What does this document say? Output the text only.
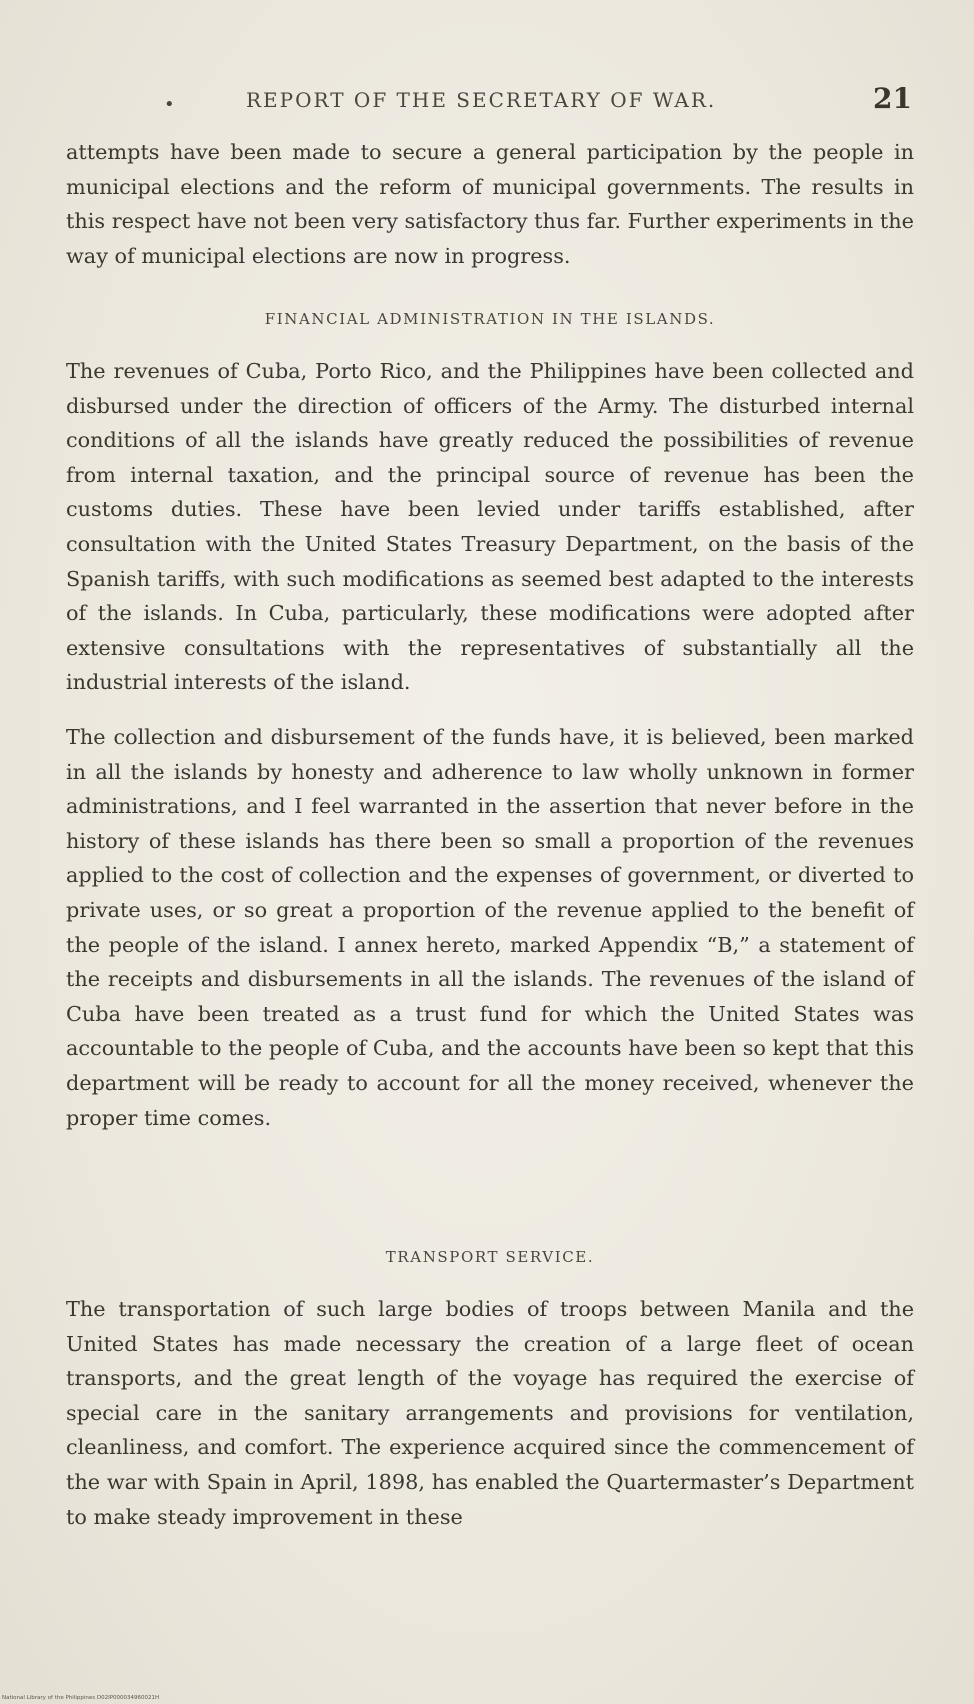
•	REPORT OF THE SECRETARY OF WAR.	21

attempts have been made to secure a general participation by the people in municipal elections and the reform of municipal governments. The results in this respect have not been very satisfactory thus far. Further experiments in the way of municipal elections are now in progress.

FINANCIAL ADMINISTRATION IN THE ISLANDS.

The revenues of Cuba, Porto Rico, and the Philippines have been collected and disbursed under the direction of officers of the Army. The disturbed internal conditions of all the islands have greatly reduced the possibilities of revenue from internal taxation, and the principal source of revenue has been the customs duties. These have been levied under tariffs established, after consultation with the United States Treasury Department, on the basis of the Spanish tariffs, with such modifications as seemed best adapted to the interests of the islands. In Cuba, particularly, these modifications were adopted after extensive consultations with the representatives of substantially all the industrial interests of the island.

The collection and disbursement of the funds have, it is believed, been marked in all the islands by honesty and adherence to law wholly unknown in former administrations, and I feel warranted in the assertion that never before in the history of these islands has there been so small a proportion of the revenues applied to the cost of collection and the expenses of government, or diverted to private uses, or so great a proportion of the revenue applied to the benefit of the people of the island. I annex hereto, marked Appendix “B,” a statement of the receipts and disbursements in all the islands. The revenues of the island of Cuba have been treated as a trust fund for which the United States was accountable to the people of Cuba, and the accounts have been so kept that this department will be ready to account for all the money received, whenever the proper time comes.

TRANSPORT SERVICE.

The transportation of such large bodies of troops between Manila and the United States has made necessary the creation of a large fleet of ocean transports, and the great length of the voyage has required the exercise of special care in the sanitary arrangements and provisions for ventilation, cleanliness, and comfort. The experience acquired since the commencement of the war with Spain in April, 1898, has enabled the Quartermaster’s Department to make steady improvement in these

National Library of the Philippines D02IP000034960021H
